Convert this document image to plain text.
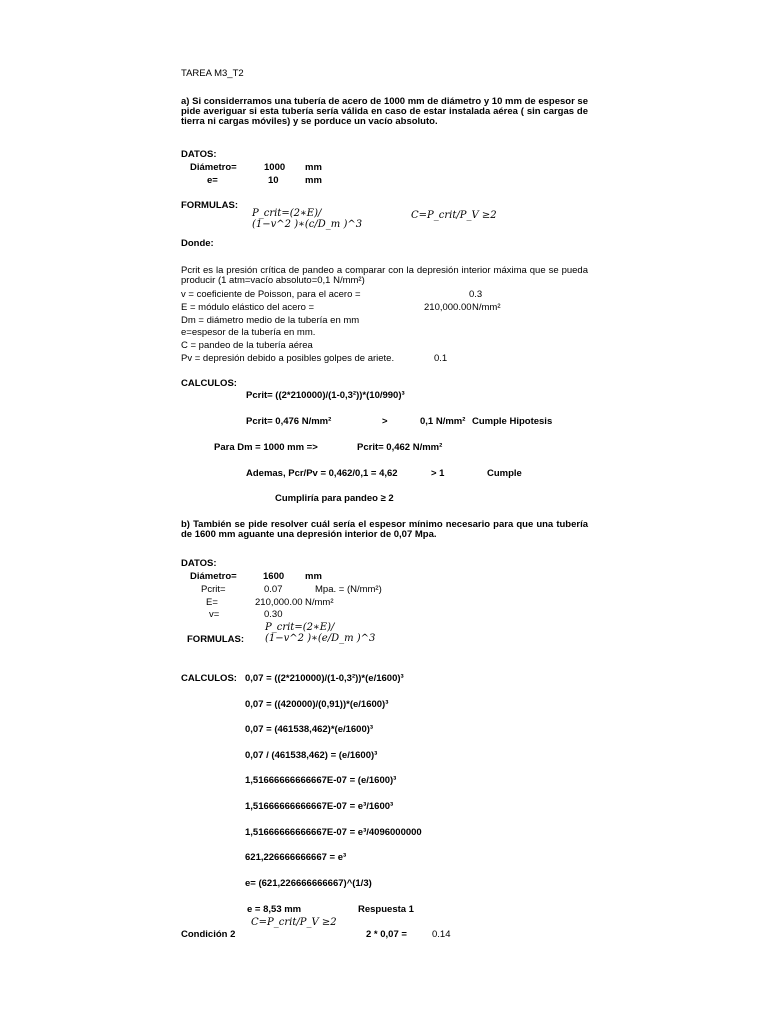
TAREA M3_T2
a) Si considerramos una tubería de acero de 1000 mm de diámetro y 10 mm de espesor se pide averiguar si esta tubería sería válida en caso de estar instalada aérea ( sin cargas de tierra ni cargas móviles) y se porduce un vacío absoluto.
DATOS:
Diámetro=	1000 mm
e=	10	mm
FORMULAS:
P_crit=(2∗E)/
(1−v^2 )∗(c/D_m )^3
C=P_crit/P_V ≥2
Donde:
Pcrit es la presión crítica de pandeo a comparar con la depresión interior máxima que se pueda producir (1 atm=vacío absoluto=0,1 N/mm²)
v = coeficiente de Poisson, para el acero =	0.3
E = módulo elástico del acero =	210,000.00 N/mm²
Dm = diámetro medio de la tubería en mm
e=espesor de la tubería en mm.
C = pandeo de la tubería aérea
Pv = depresión debido a posibles golpes de ariete.	0.1
CALCULOS:
Pcrit= ((2*210000)/(1-0,3²))*(10/990)³
Pcrit= 0,476 N/mm²	>	0,1 N/mm² Cumple Hipotesis
Para Dm = 1000 mm =>	Pcrit= 0,462 N/mm²
Ademas, Pcr/Pv = 0,462/0,1 = 4,62	> 1	Cumple
Cumpliría para pandeo ≥ 2
b) También se pide resolver cuál sería el espesor mínimo necesario para que una tubería de 1600 mm aguante una depresión interior de 0,07 Mpa.
DATOS:
Diámetro=	1600 mm
Pcrit=	0.07	Mpa. = (N/mm²)
E=	210,000.00 N/mm²
v=	0.30
P_crit=(2∗E)/
FORMULAS: (1−v^2 )∗(e/D_m )^3
CALCULOS: 0,07 = ((2*210000)/(1-0,3²))*(e/1600)³
0,07 = ((420000)/(0,91))*(e/1600)³
0,07 = (461538,462)*(e/1600)³
0,07 / (461538,462) = (e/1600)³
1,51666666666667E-07 = (e/1600)³
1,51666666666667E-07 = e³/1600³
1,51666666666667E-07 = e³/4096000000
621,226666666667 = e³
e= (621,226666666667)^(1/3)
e = 8,53 mm	Respuesta 1
C=P_crit/P_V ≥2
Condición 2	2 * 0,07 =	0.14
